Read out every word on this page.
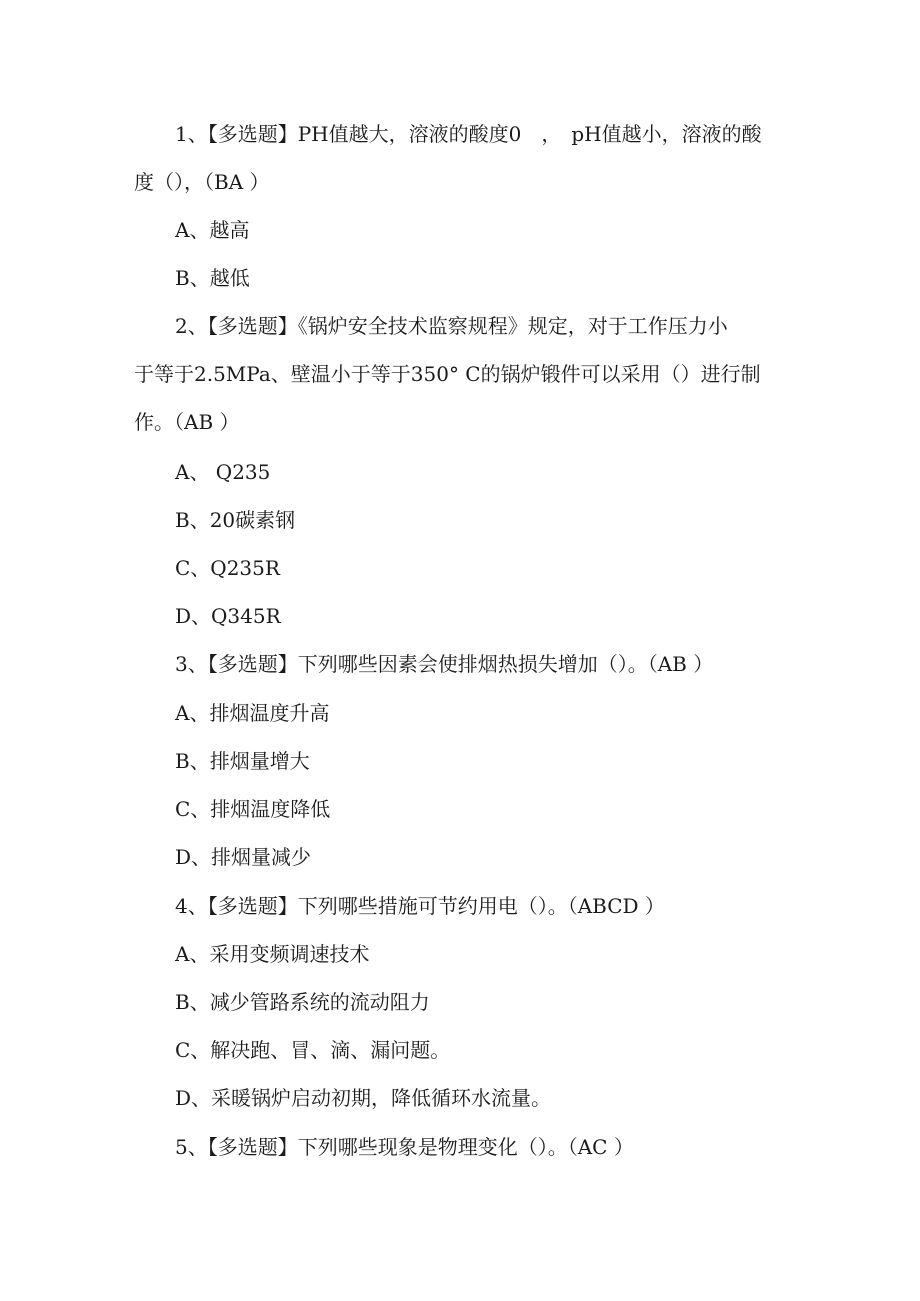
1、【多选题】PH值越大，溶液的酸度0　，　pH值越小，溶液的酸
度（），（BA ）
A、越高
B、越低
2、【多选题】《锅炉安全技术监察规程》规定，对于工作压力小
于等于2.5MPa、壁温小于等于350° C的锅炉锻件可以采用（）进行制
作。（AB ）
A、 Q235
B、20碳素钢
C、Q235R
D、Q345R
3、【多选题】下列哪些因素会使排烟热损失增加（）。（AB ）
A、排烟温度升高
B、排烟量增大
C、排烟温度降低
D、排烟量减少
4、【多选题】下列哪些措施可节约用电（）。（ABCD ）
A、采用变频调速技术
B、减少管路系统的流动阻力
C、解决跑、冒、滴、漏问题。
D、采暖锅炉启动初期，降低循环水流量。
5、【多选题】下列哪些现象是物理变化（）。（AC ）
